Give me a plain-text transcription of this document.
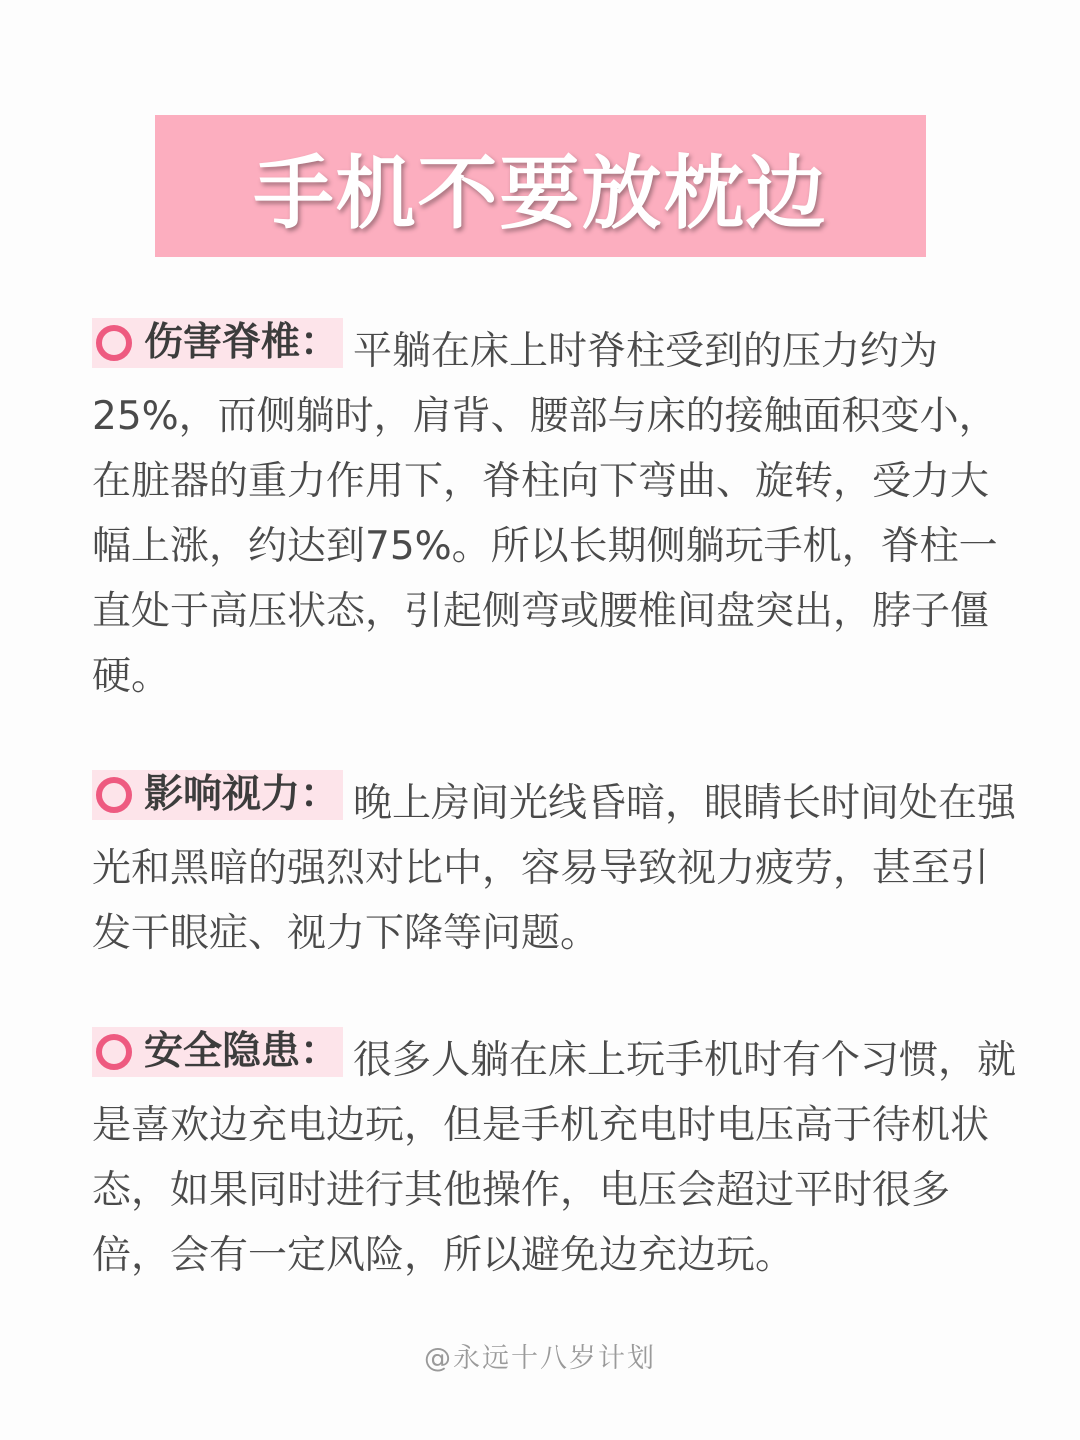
手机不要放枕边
伤害脊椎： 平躺在床上时脊柱受到的压力约为25%，而侧躺时，肩背、腰部与床的接触面积变小，在脏器的重力作用下，脊柱向下弯曲、旋转，受力大幅上涨，约达到75%。所以长期侧躺玩手机，脊柱一直处于高压状态，引起侧弯或腰椎间盘突出，脖子僵硬。
影响视力： 晚上房间光线昏暗，眼睛长时间处在强光和黑暗的强烈对比中，容易导致视力疲劳，甚至引发干眼症、视力下降等问题。
安全隐患： 很多人躺在床上玩手机时有个习惯，就是喜欢边充电边玩，但是手机充电时电压高于待机状态，如果同时进行其他操作，电压会超过平时很多倍，会有一定风险，所以避免边充边玩。
@永远十八岁计划
